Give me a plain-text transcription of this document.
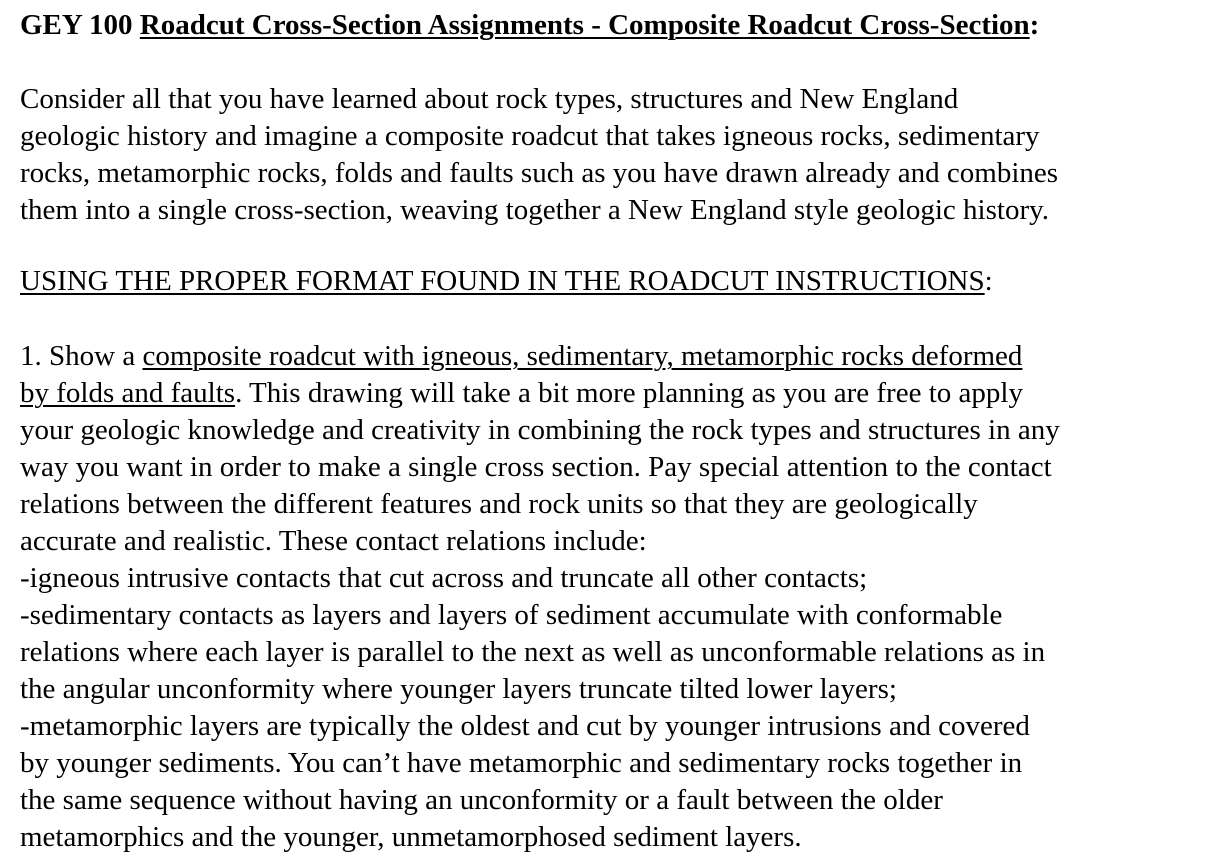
GEY 100 Roadcut Cross-Section Assignments - Composite Roadcut Cross-Section:
Consider all that you have learned about rock types, structures and New England
geologic history and imagine a composite roadcut that takes igneous rocks, sedimentary
rocks, metamorphic rocks, folds and faults such as you have drawn already and combines
them into a single cross-section, weaving together a New England style geologic history.
USING THE PROPER FORMAT FOUND IN THE ROADCUT INSTRUCTIONS:
1. Show a composite roadcut with igneous, sedimentary, metamorphic rocks deformed
by folds and faults. This drawing will take a bit more planning as you are free to apply
your geologic knowledge and creativity in combining the rock types and structures in any
way you want in order to make a single cross section. Pay special attention to the contact
relations between the different features and rock units so that they are geologically
accurate and realistic. These contact relations include:
-igneous intrusive contacts that cut across and truncate all other contacts;
-sedimentary contacts as layers and layers of sediment accumulate with conformable
relations where each layer is parallel to the next as well as unconformable relations as in
the angular unconformity where younger layers truncate tilted lower layers;
-metamorphic layers are typically the oldest and cut by younger intrusions and covered
by younger sediments. You can’t have metamorphic and sedimentary rocks together in
the same sequence without having an unconformity or a fault between the older
metamorphics and the younger, unmetamorphosed sediment layers.
